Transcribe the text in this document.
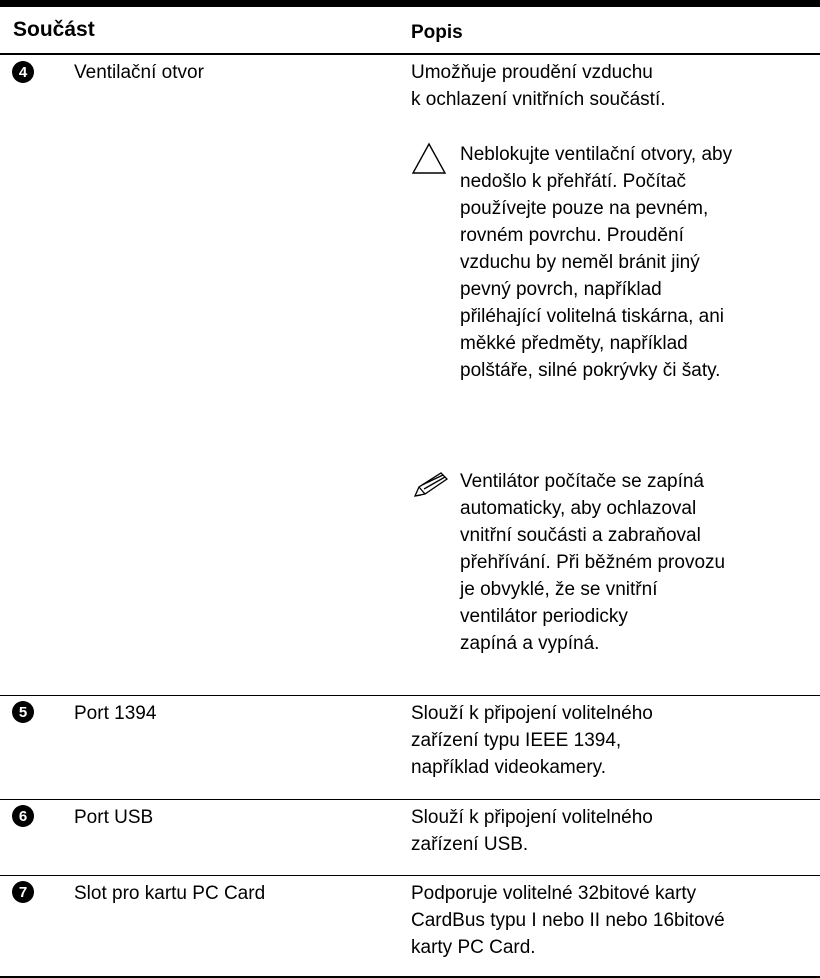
Součást	Popis
4	Ventilační otvor	Umožňuje proudění vzduchu
k ochlazení vnitřních součástí.
Neblokujte ventilační otvory, aby
nedošlo k přehřátí. Počítač
používejte pouze na pevném,
rovném povrchu. Proudění
vzduchu by neměl bránit jiný
pevný povrch, například
přiléhající volitelná tiskárna, ani
měkké předměty, například
polštáře, silné pokrývky či šaty.
Ventilátor počítače se zapíná
automaticky, aby ochlazoval
vnitřní součásti a zabraňoval
přehřívání. Při běžném provozu
je obvyklé, že se vnitřní
ventilátor periodicky
zapíná a vypíná.
5	Port 1394	Slouží k připojení volitelného
zařízení typu IEEE 1394,
například videokamery.
6	Port USB	Slouží k připojení volitelného
zařízení USB.
7	Slot pro kartu PC Card	Podporuje volitelné 32bitové karty
CardBus typu I nebo II nebo 16bitové
karty PC Card.
